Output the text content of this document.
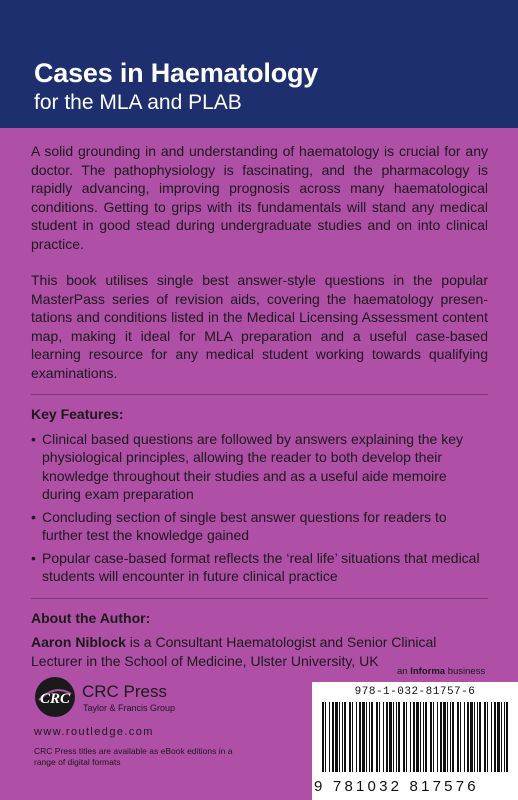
Cases in Haematology
for the MLA and PLAB

A solid grounding in and understanding of haematology is crucial for any doctor. The pathophysiology is fascinating, and the pharmacology is rapidly advancing, improving prognosis across many haematological conditions. Getting to grips with its fundamentals will stand any medical student in good stead during undergraduate studies and on into clinical practice.

This book utilises single best answer-style questions in the popular MasterPass series of revision aids, covering the haematology presen-tations and conditions listed in the Medical Licensing Assessment content map, making it ideal for MLA preparation and a useful case-based learning resource for any medical student working towards qualifying examinations.

Key Features:
• Clinical based questions are followed by answers explaining the key physiological principles, allowing the reader to both develop their knowledge throughout their studies and as a useful aide memoire during exam preparation
• Concluding section of single best answer questions for readers to further test the knowledge gained
• Popular case-based format reflects the ‘real life’ situations that medical students will encounter in future clinical practice
About the Author:

Aaron Niblock is a Consultant Haematologist and Senior Clinical Lecturer in the School of Medicine, Ulster University, UK

an Informa business
CRC CRC Press
Taylor & Francis Group
www.routledge.com
CRC Press titles are available as eBook editions in a range of digital formats
978-1-032-81757-6
9 781032 817576
